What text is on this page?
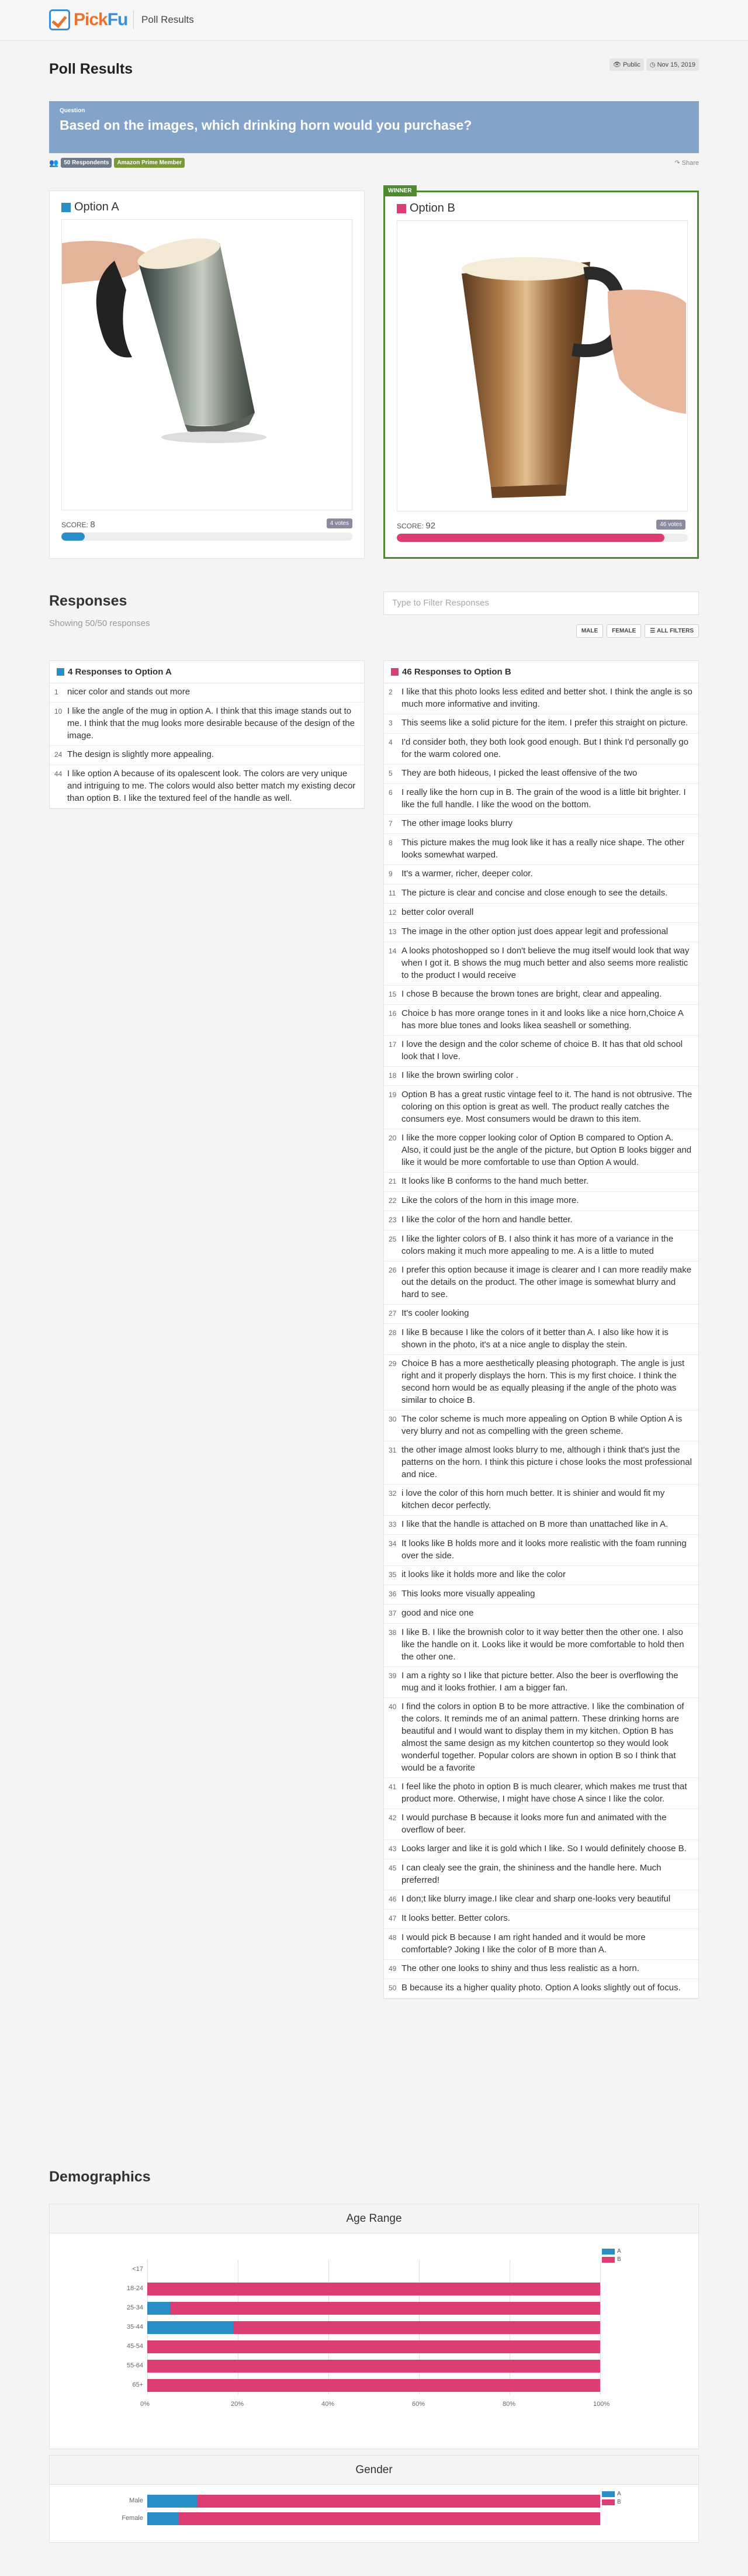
PickFu Poll Results
Poll Results	👁 Public	◷ Nov 15, 2019
Question
Based on the images, which drinking horn would you purchase?
👥 50 Respondents	Amazon Prime Member	↷ Share
Option A
SCORE: 8	4 votes
WINNER
Option B
SCORE: 92	46 votes
Responses
Showing 50/50 responses
Type to Filter Responses
MALE	FEMALE	☰ ALL FILTERS
4 Responses to Option A
1	nicer color and stands out more
10 I like the angle of the mug in option A. I think that this image stands out to me. I think that the mug looks more desirable because of the design of the image.
24 The design is slightly more appealing.
44 I like option A because of its opalescent look. The colors are very unique and intriguing to me. The colors would also better match my existing decor than option B. I like the textured feel of the handle as well.
46 Responses to Option B
2	I like that this photo looks less edited and better shot. I think the angle is so much more informative and inviting.
3	This seems like a solid picture for the item. I prefer this straight on picture.
4	I'd consider both, they both look good enough. But I think I'd personally go for the warm colored one.
5	They are both hideous, I picked the least offensive of the two
6	I really like the horn cup in B. The grain of the wood is a little bit brighter. I like the full handle. I like the wood on the bottom.
7	The other image looks blurry
8	This picture makes the mug look like it has a really nice shape. The other looks somewhat warped.
9	It's a warmer, richer, deeper color.
11 The picture is clear and concise and close enough to see the details.
12 better color overall
13 The image in the other option just does appear legit and professional
14 A looks photoshopped so I don't believe the mug itself would look that way when I got it. B shows the mug much better and also seems more realistic to the product I would receive
15 I chose B because the brown tones are bright, clear and appealing.
16 Choice b has more orange tones in it and looks like a nice horn,Choice A has more blue tones and looks likea seashell or something.
17 I love the design and the color scheme of choice B. It has that old school look that I love.
18 I like the brown swirling color .
19 Option B has a great rustic vintage feel to it. The hand is not obtrusive. The coloring on this option is great as well. The product really catches the consumers eye. Most consumers would be drawn to this item.
20 I like the more copper looking color of Option B compared to Option A. Also, it could just be the angle of the picture, but Option B looks bigger and like it would be more comfortable to use than Option A would.
21 It looks like B conforms to the hand much better.
22 Like the colors of the horn in this image more.
23 I like the color of the horn and handle better.
25 I like the lighter colors of B. I also think it has more of a variance in the colors making it much more appealing to me. A is a little to muted
26 I prefer this option because it image is clearer and I can more readily make out the details on the product. The other image is somewhat blurry and hard to see.
27 It's cooler looking
28 I like B because I like the colors of it better than A. I also like how it is shown in the photo, it's at a nice angle to display the stein.
29 Choice B has a more aesthetically pleasing photograph. The angle is just right and it properly displays the horn. This is my first choice. I think the second horn would be as equally pleasing if the angle of the photo was similar to choice B.
30 The color scheme is much more appealing on Option B while Option A is very blurry and not as compelling with the green scheme.
31 the other image almost looks blurry to me, although i think that's just the patterns on the horn. I think this picture i chose looks the most professional and nice.
32 i love the color of this horn much better. It is shinier and would fit my kitchen decor perfectly.
33 I like that the handle is attached on B more than unattached like in A.
34 It looks like B holds more and it looks more realistic with the foam running over the side.
35 it looks like it holds more and like the color
36 This looks more visually appealing
37 good and nice one
38 I like B. I like the brownish color to it way better then the other one. I also like the handle on it. Looks like it would be more comfortable to hold then the other one.
39 I am a righty so I like that picture better. Also the beer is overflowing the mug and it looks frothier. I am a bigger fan.
40 I find the colors in option B to be more attractive. I like the combination of the colors. It reminds me of an animal pattern. These drinking horns are beautiful and I would want to display them in my kitchen. Option B has almost the same design as my kitchen countertop so they would look wonderful together. Popular colors are shown in option B so I think that would be a favorite
41 I feel like the photo in option B is much clearer, which makes me trust that product more. Otherwise, I might have chose A since I like the color.
42 I would purchase B because it looks more fun and animated with the overflow of beer.
43 Looks larger and like it is gold which I like. So I would definitely choose B.
45 I can clealy see the grain, the shininess and the handle here. Much preferred!
46 I don;t like blurry image.I like clear and sharp one-looks very beautiful
47 It looks better. Better colors.
48 I would pick B because I am right handed and it would be more comfortable? Joking I like the color of B more than A.
49 The other one looks to shiny and thus less realistic as a horn.
50 B because its a higher quality photo. Option A looks slightly out of focus.
Demographics
Age Range
A
B
0%	20%	40%	60%	80%	100%
<17
18-24
25-34
35-44
45-54
55-64
65+
Gender
A
B
Male
Female
